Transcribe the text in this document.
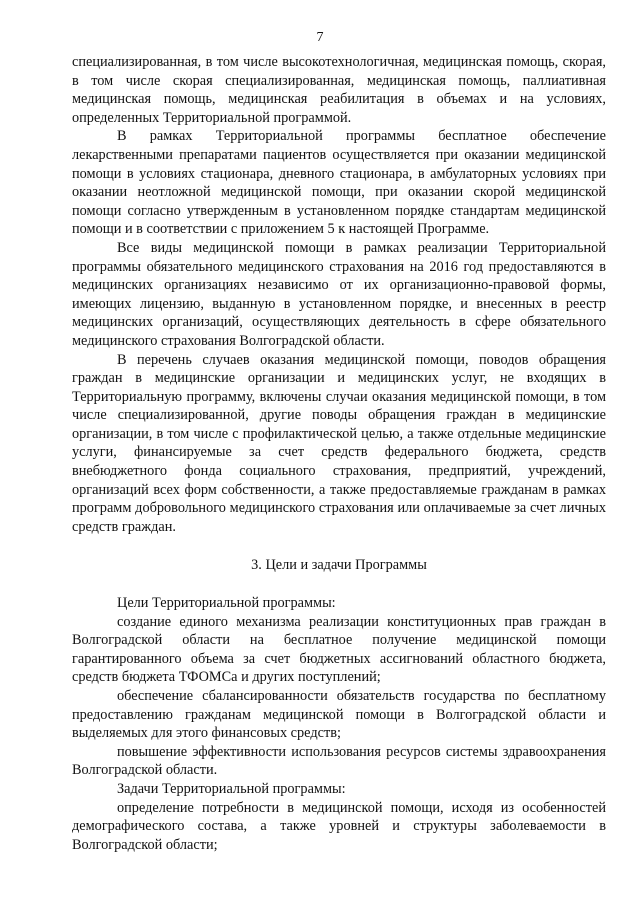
7

специализированная, в том числе высокотехнологичная, медицинская помощь, скорая, в том числе скорая специализированная, медицинская помощь, паллиативная медицинская помощь, медицинская реабилитация в объемах и на условиях, определенных Территориальной программой.

В рамках Территориальной программы бесплатное обеспечение лекарственными препаратами пациентов осуществляется при оказании медицинской помощи в условиях стационара, дневного стационара, в амбулаторных условиях при оказании неотложной медицинской помощи, при оказании скорой медицинской помощи согласно утвержденным в установленном порядке стандартам медицинской помощи и в соответствии с приложением 5 к настоящей Программе.

Все виды медицинской помощи в рамках реализации Территориальной программы обязательного медицинского страхования на 2016 год предоставляются в медицинских организациях независимо от их организационно-правовой формы, имеющих лицензию, выданную в установленном порядке, и внесенных в реестр медицинских организаций, осуществляющих деятельность в сфере обязательного медицинского страхования Волгоградской области.

В перечень случаев оказания медицинской помощи, поводов обращения граждан в медицинские организации и медицинских услуг, не входящих в Территориальную программу, включены случаи оказания медицинской помощи, в том числе специализированной, другие поводы обращения граждан в медицинские организации, в том числе с профилактической целью, а также отдельные медицинские услуги, финансируемые за счет средств федерального бюджета, средств внебюджетного фонда социального страхования, предприятий, учреждений, организаций всех форм собственности, а также предоставляемые гражданам в рамках программ добровольного медицинского страхования или оплачиваемые за счет личных средств граждан.

3. Цели и задачи Программы

Цели Территориальной программы:

создание единого механизма реализации конституционных прав граждан в Волгоградской области на бесплатное получение медицинской помощи гарантированного объема за счет бюджетных ассигнований областного бюджета, средств бюджета ТФОМСа и других поступлений;

обеспечение сбалансированности обязательств государства по бесплатному предоставлению гражданам медицинской помощи в Волгоградской области и выделяемых для этого финансовых средств;

повышение эффективности использования ресурсов системы здравоохранения Волгоградской области.

Задачи Территориальной программы:

определение потребности в медицинской помощи, исходя из особенностей демографического состава, а также уровней и структуры заболеваемости в Волгоградской области;
